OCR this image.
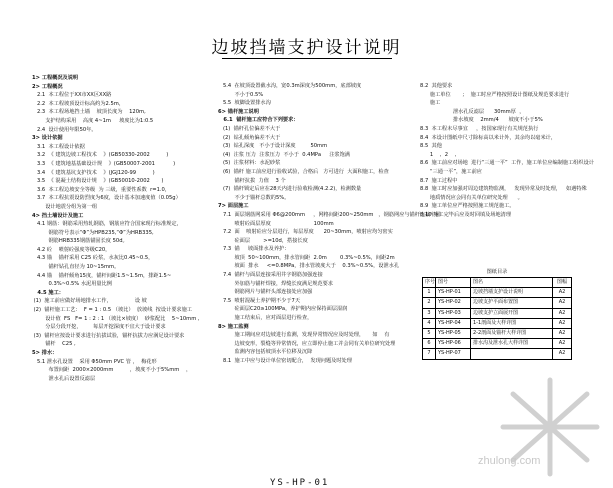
边坡挡墙支护设计说明
1> 工程概况及说明
2> 工程概况
2.1  本工程位于XX市XX区XX路
2.2  本工程坡顶设计标高约为2.5m，
2.3  本工程场地挡土墙    坡顶长度为    120m,
支护结构采用    高度 4~1m     坡度比为1:0.5
2.4  设计使用年限50年。
3> 设计依据
3.1  本工程设计依据
3.2  《 建筑边坡工程技术    》(GB50330-2002          )
3.3  《 建筑地基基础设计规    》(GB50007-2001           )
3.4  《 建筑基坑支护技术    》(JGJ120-99          )
3.5  《 混凝土结构设计规    》(GB50010-2002       )
3.6  本工程边坡安全等级  为 三级，重要性系数  r=1.0，
3.7  本工程抗震设防烈度为6度，设计基本加速度值（0.05g）
设计地震分组为第一组
4> 挡土墙设计及施工
4.1 钢筋：钢筋采用热轧钢筋，钢筋应符合国家现行标准规定，
钢筋符号表示“Φ”为HPB235,“Φ”为HRB335,
钢筋HRB335钢筋锚固长度 50d。
4.2 砼    喷射砼强度等级C20，
4.3 锚    锚杆采用 C25 砼浆，水灰比0.45~0.5，
锚杆钻孔直径为 10~15mm。
4.4 锚    锚杆倾角15度，锚杆间距1.5~1.5m，排距1.5~
0.3%~0.5% 水泥用量比例
4.5 施工：
(1)  施工前应做好场地排水工作，              设 坡
(2)  锚杆施工工艺：  F = 1 : 0.5 （坡比）  放坡线  按设计要求施工
设计值  FS   F= 1 : 2 : 1 （坡比×坡度）  砂浆配比    5~10mm ,
分层分段开挖，       每层开挖深度不宜大于设计要求
(3)  锚杆应按设计要求进行抗拔试验，锚杆抗拔力应满足设计要求
锚杆    C25 ,
5> 排水：
5.1 泄水孔设置    采用 Φ50mm PVC 管 ，  梅花形
布置间距  2000×2000mm          ，坡度不小于5%mm    ，
泄水孔后设置反滤层
5.4  在坡顶设置截水沟，宽0.3m深度为500mm，底部坡度
不小于0.5%
5.5  坡脚设置排水沟
6> 锚杆施工说明
6.1  锚杆施工应符合下列要求：
(1)  锚杆孔位偏差不大于
(2)  钻孔倾角偏差不大于
(3)  钻孔深度   不小于设计深度         50mm
(4)  注浆 压力  注浆压力  不小于  0.4MPa     注浆饱满
(5)  注浆材料：水泥砂浆
(6)  锚杆 施工前应进行验收试验，合格后   方可进行  大面积施工，检查
锚杆抗拔  力值    3 个
(7)  锚杆锁定后应在28天内进行验收检测(4.2.2)，检测数量
不少于锚杆总数的5%。
7> 面层施工
7.1  面层钢筋网采用 Φ6@200mm     ，网格间距200~250mm   ，钢筋网应与锚杆连接牢固
喷射砼面层厚度                          100mm
7.2  面    喷射砼应分层进行，每层厚度      20~30mm，喷射应均匀密实
砼面层        >=10d，搭接长度
7.3  锚     坡面排水及养护：
坡顶  50~100mm，排水管间距  2.0m        0.3%~0.5%，间距2m
坡面  排水     <=0.8MPa，排水管坡度大于    0.3%~0.5%，设泄水孔
7.4  锚杆与面层连接采用井字钢筋加强连接
外加筋与锚杆焊接，焊缝长度满足规范要求
钢筋网片与锚杆头部连接处应加强
7.5  喷射混凝土养护期不少于7天
砼面层C20≥100MPa，养护期内应保持面层湿润
施工结束后，应对面层进行检查，
8> 施工监测
施工期间应对边坡进行监测，发现异常情况应及时处理，     如    有
边坡变形，裂缝等异常情况，应立即停止施工并会同有关单位研究处理
监测内容包括坡顶水平位移及沉降
8.1  施工中应与设计单位密切配合，  发现问题及时处理
8.2  其他要求
施工单位       ；  施工时应严格按照设计图纸及规范要求进行
施工
泄水孔反滤层      30mm厚  ，
排水坡度    2mm/4      坡度不小于5%
8.3  本工程未尽事宜     ，按国家现行有关规范执行
8.4  本设计图纸中尺寸除标高以米计外，其余均以毫米计，
8.5  其他
1    ,  2    ,
8.6  施工前应对场地  进行“三通一平”  工作，施工单位应编制施工组织设计
“三通一平”，施工前应
8.7  施工过程中
8.8  施工时应加强对周边建筑物监测，   发现异常及时处理，   如遇特殊
地质情况应会同有关单位研究处理      。
8.9  施工单位应严格按照施工规范施工。
8.10 施工完毕后应及时回填及场地清理
图纸目录
序号	图号	图名	图幅
1	YS-HP-01	边坡挡墙支护设计说明	A2
2	YS-HP-02	边坡支护平面布置图	A2
3	YS-HP-03	边坡支护立面展开图	A2
4	YS-HP-04	1-1剖面及大样详图	A2
5	YS-HP-05	2-2剖面及锚杆大样详图	A2
6	YS-HP-06	排水沟及泄水孔大样详图	A2
7	YS-HP-07		A2
zhulong.com
YS-HP-01
